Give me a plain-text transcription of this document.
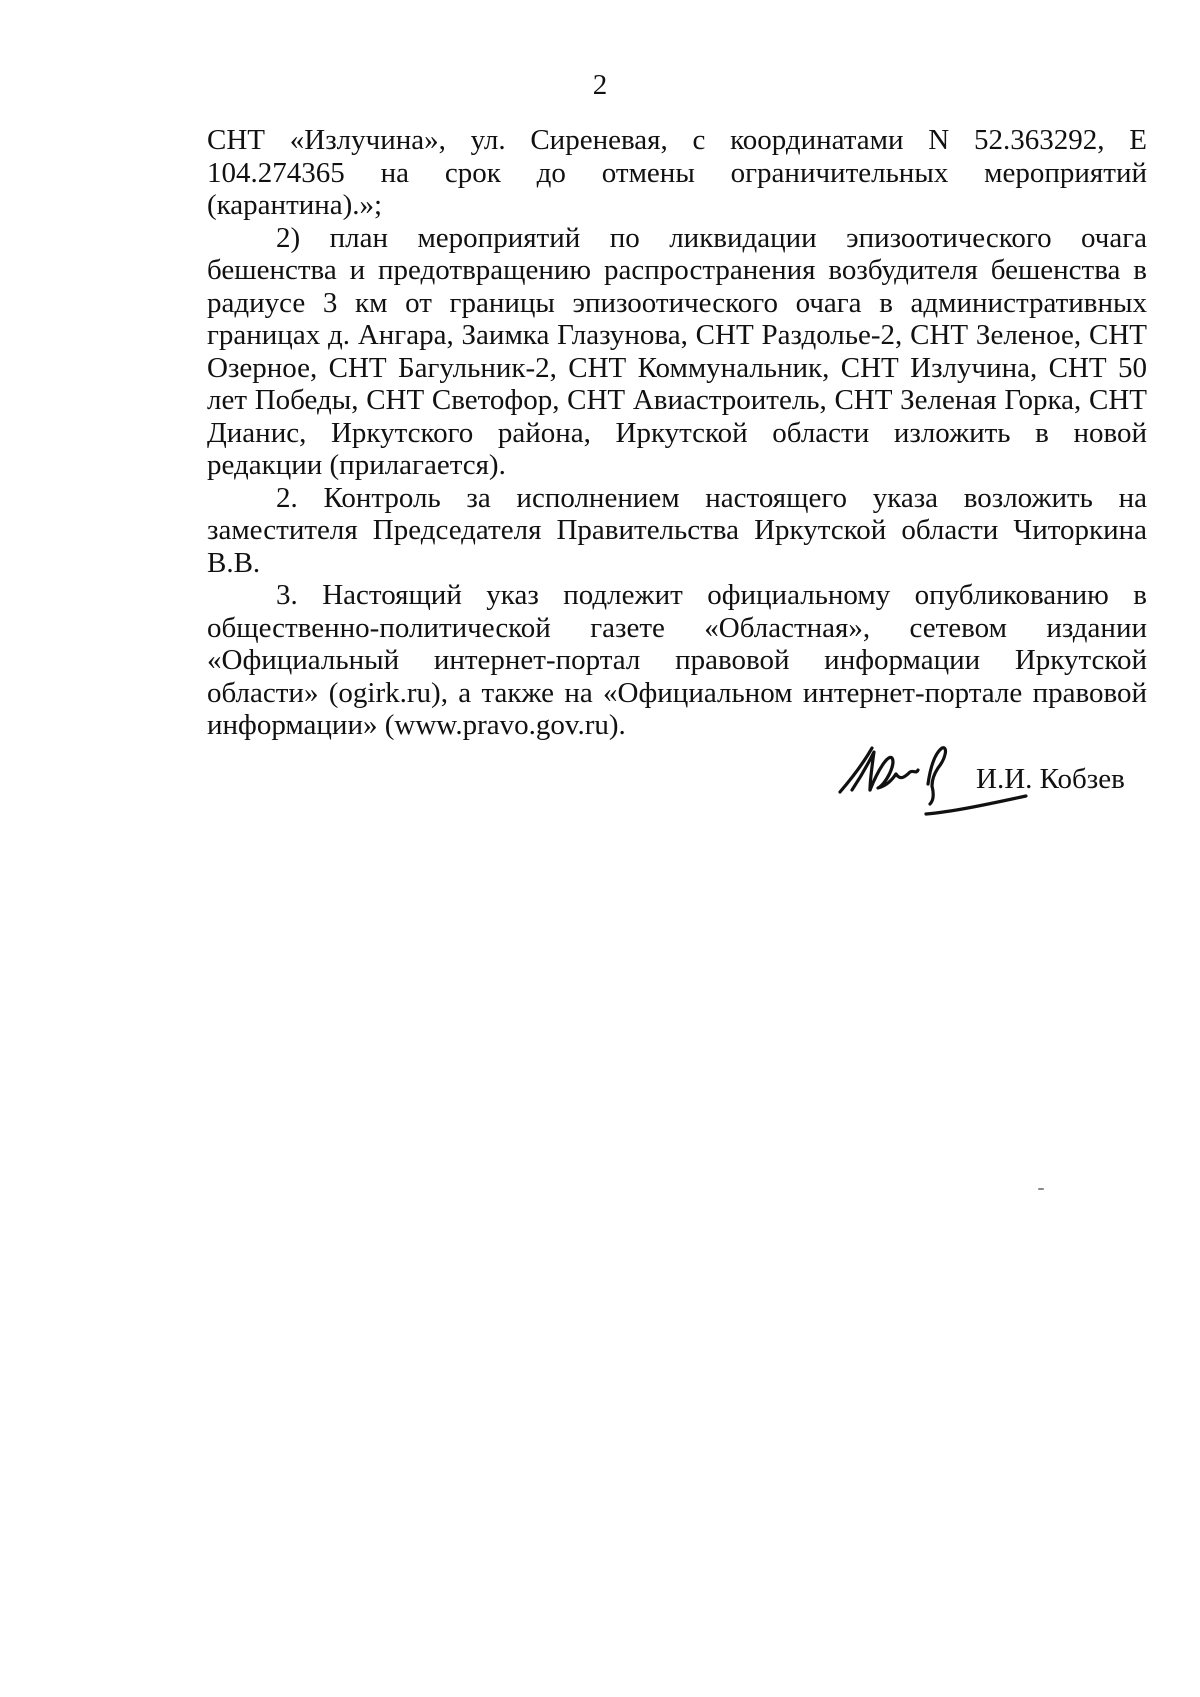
2

СНТ «Излучина», ул. Сиреневая, с координатами N 52.363292, E 104.274365 на срок до отмены ограничительных мероприятий (карантина).»;

2) план мероприятий по ликвидации эпизоотического очага бешенства и предотвращению распространения возбудителя бешенства в радиусе 3 км от границы эпизоотического очага в административных границах д. Ангара, Заимка Глазунова, СНТ Раздолье-2, СНТ Зеленое, СНТ Озерное, СНТ Багульник-2, СНТ Коммунальник, СНТ Излучина, СНТ 50 лет Победы, СНТ Светофор, СНТ Авиастроитель, СНТ Зеленая Горка, СНТ Дианис, Иркутского района, Иркутской области изложить в новой редакции (прилагается).

2. Контроль за исполнением настоящего указа возложить на заместителя Председателя Правительства Иркутской области Читоркина В.В.

3. Настоящий указ подлежит официальному опубликованию в общественно-политической газете «Областная», сетевом издании «Официальный интернет-портал правовой информации Иркутской области» (ogirk.ru), а также на «Официальном интернет-портале правовой информации» (www.pravo.gov.ru).

И.И. Кобзев
